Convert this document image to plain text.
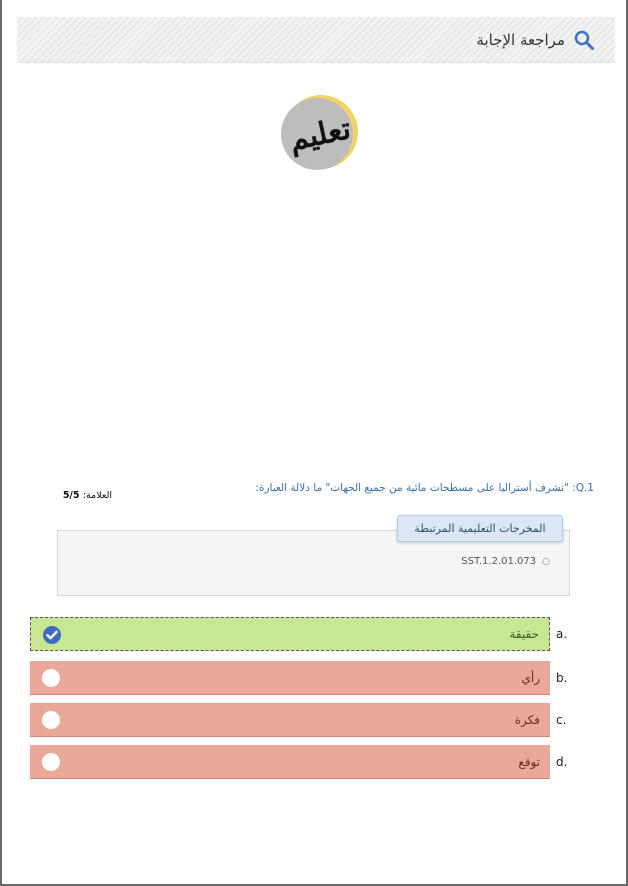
مراجعة الإجابة
تعليم
Q.1: "تشرف أستراليا على مسطحات مائية من جميع الجهات" ما دلالة العبارة:
العلامة: 5/5
المخرجات التعليمية المرتبطة
○SST.1.2.01.073
حقيقة a.
رأي b.
فكرة c.
توقع d.
